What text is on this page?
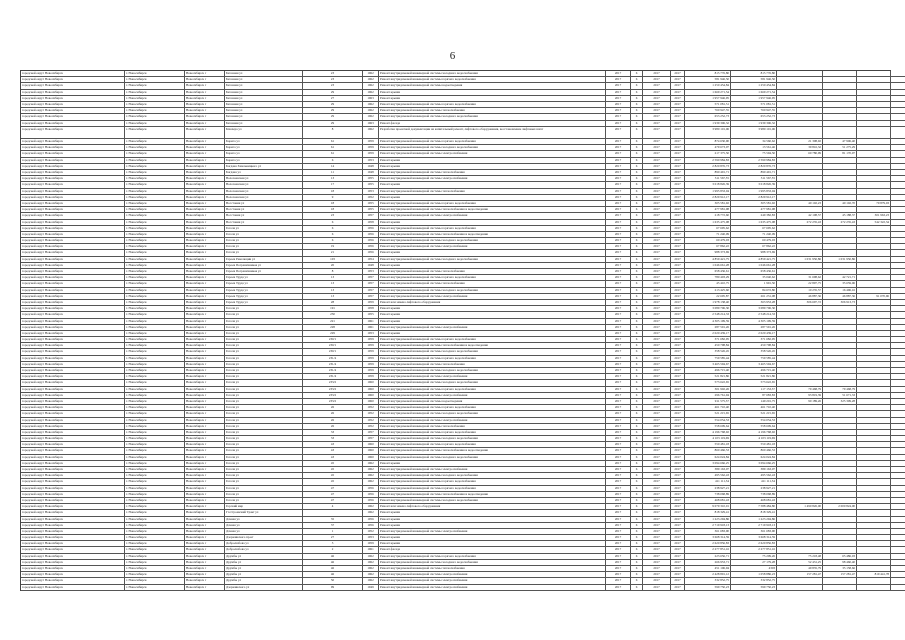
6
городской округ Новосибирск	г. Новосибирск	Новосибирск г	Бетонная ул	23	1962	Ремонт внутридомовой инженерной системы холодного водоснабжения	2017	6	2017	2017	815 776,80	815 776,80
городской округ Новосибирск	г. Новосибирск	Новосибирск г	Бетонная ул	23	1962	Ремонт внутридомовой инженерной системы горячего водоснабжения	2017	6	2017	2017	581 946,50	581 946,50
городской округ Новосибирск	г. Новосибирск	Новосибирск г	Бетонная ул	23	1962	Ремонт внутридомовой инженерной системы водоотведения	2017	6	2017	2017	1 250 454,84	1 250 454,84
городской округ Новосибирск	г. Новосибирск	Новосибирск г	Бетонная ул	29	1962	Ремонт крыши	2017	6	2017	2017	1 669 271,54	1 669 271,54
городской округ Новосибирск	г. Новосибирск	Новосибирск г	Бетонная ул	27	1963	Ремонт крыши	2017	6	2017	2017	1 957 946,95	1 957 946,95
городской округ Новосибирск	г. Новосибирск	Новосибирск г	Бетонная ул	29	1962	Ремонт внутридомовой инженерной системы горячего водоснабжения	2017	6	2017	2017	571 081,51	571 081,51
городской округ Новосибирск	г. Новосибирск	Новосибирск г	Бетонная ул	29	1962	Ремонт внутридомовой инженерной системы теплоснабжения	2017	6	2017	2017	760 947,55	760 947,55
городской округ Новосибирск	г. Новосибирск	Новосибирск г	Бетонная ул	29	1962	Ремонт внутридомовой инженерной системы холодного водоснабжения	2017	6	2017	2017	653 252,73	653 252,73
городской округ Новосибирск	г. Новосибирск	Новосибирск г	Бетонная ул	29	1963	Ремонт фасада	2017	6	2017	2017	1 939 306,32	1 939 306,32
городской округ Новосибирск	г. Новосибирск	Новосибирск г	Блюхера ул	8	1962	Разработка проектной документации на капитальный ремонт, лифтового оборудования, восстановление лифтовых шахт	2017	6	2017	2017	3 980 101,06	3 980 101,06
городской округ Новосибирск	г. Новосибирск	Новосибирск г	Бориса ул	61	1959	Ремонт внутридомовой инженерной системы горячего водоснабжения	2017	6	2017	2017	874 630,90	34 560,62	21 308,92	47 906,40
городской округ Новосибирск	г. Новосибирск	Новосибирск г	Бориса ул	61	1959	Ремонт внутридомовой инженерной системы холодного водоснабжения	2017	6	2017	2017	479 673,07	13 561,46	39 816,32	51 275,29
городской округ Новосибирск	г. Новосибирск	Новосибирск г	Бориса ул	61	1959	Ремонт внутридомовой инженерной системы электроснабжения	2017	6	2017	2017	217 375,50	75 594,50	60 780,99	81 170,07
городской округ Новосибирск	г. Новосибирск	Новосибирск г	Бориса ул	6	1953	Ремонт крыши	2017	6	2017	2017	2 590 984,83	2 590 984,83
городской округ Новосибирск	г. Новосибирск	Новосибирск г	Богдана Хмельницкого ул	14	1948	Ремонт крыши	2017	6	2017	2017	2 820 876,73	2 820 876,73
городской округ Новосибирск	г. Новосибирск	Новосибирск г	Богдана ул	11	1948	Ремонт внутридомовой инженерной системы теплоснабжения	2017	6	2017	2017	890 491,71	890 491,71
городской округ Новосибирск	г. Новосибирск	Новосибирск г	Волочаевская ул	13	1955	Ремонт внутридомовой инженерной системы электроснабжения	2017	6	2017	2017	311 567,55	311 567,55
городской округ Новосибирск	г. Новосибирск	Новосибирск г	Волочаевская ул	17	1955	Ремонт крыши	2017	6	2017	2017	3 018 826,39	3 018 826,39
городской округ Новосибирск	г. Новосибирск	Новосибирск г	Волочаевская ул	18	1953	Ремонт внутридомовой инженерной системы теплоснабжения	2017	6	2017	2017	1 995 833,04	1 995 833,04
городской округ Новосибирск	г. Новосибирск	Новосибирск г	Волочаевская ул	9	1952	Ремонт крыши	2017	6	2017	2017	2 829 912,17	2 829 912,17
городской округ Новосибирск	г. Новосибирск	Новосибирск г	Восстания ул	18	1955	Ремонт внутридомовой инженерной системы горячего водоснабжения	2017	6	2017	2017	305 581,92	305 581,92	40 102,23	40 102,70	79 879,03
городской округ Новосибирск	г. Новосибирск	Новосибирск г	Восстания ул	18	1955	Ремонт внутридомовой инженерной системы теплоснабжения и водоотведения	2017	6	2017	2017	477 981,98	477 981,98
городской округ Новосибирск	г. Новосибирск	Новосибирск г	Восстания ул	23	1957	Ремонт внутридомовой инженерной системы электроснабжения	2017	6	2017	2017	218 772,60	249 382,83	42 108,57	45 188,37	301 963,23
городской округ Новосибирск	г. Новосибирск	Новосибирск г	Восстания ул	6	1958	Ремонт крыши	2017	6	2017	2017	1 635 475,08	1 635 475,08	272 235,43	272 235,43	542 322,34
городской округ Новосибирск	г. Новосибирск	Новосибирск г	Гоголя ул	6	1956	Ремонт внутридомовой инженерной системы горячего водоснабжения	2017	6	2017	2017	67 695,62	67 695,62
городской округ Новосибирск	г. Новосибирск	Новосибирск г	Гоголя ул	6	1956	Ремонт внутридомовой инженерной системы теплоснабжения и водоотведения	2017	6	2017	2017	71 240,09	71 240,09
городской округ Новосибирск	г. Новосибирск	Новосибирск г	Гоголя ул	6	1956	Ремонт внутридомовой инженерной системы холодного водоснабжения	2017	6	2017	2017	60 479,03	60 479,03
городской округ Новосибирск	г. Новосибирск	Новосибирск г	Гоголя ул	19	1956	Ремонт внутридомовой инженерной системы электроснабжения	2017	6	2017	2017	67 862,22	67 862,22
городской округ Новосибирск	г. Новосибирск	Новосибирск г	Гоголя ул	21	1956	Ремонт крыши	2017	6	2017	2017	988 373,69	988 373,69
городской округ Новосибирск	г. Новосибирск	Новосибирск г	Героев Революции ул	103	1954	Ремонт внутридомовой инженерной системы холодного водоснабжения	2017	6	2017	2017	4 859 421,75	4 859 421,75	1 031 950,86	1 031 950,86
городской округ Новосибирск	г. Новосибирск	Новосибирск г	Героев Пограничников ул	20	1948	Ремонт крыши	2017	6	2017	2017	1 046 661,28	1 046 661,28
городской округ Новосибирск	г. Новосибирск	Новосибирск г	Героев Пограничников ул	8	1953	Ремонт внутридомовой инженерной системы теплоснабжения	2017	6	2017	2017	658 436,61	658 436,61
городской округ Новосибирск	г. Новосибирск	Новосибирск г	Героев Труда ул	13	1957	Ремонт внутридомовой инженерной системы горячего водоснабжения	2017	6	2017	2017	780 403,29	35 040,62	31 698,62	42 721,71
городской округ Новосибирск	г. Новосибирск	Новосибирск г	Героев Труда ул	13	1957	Ремонт внутридомовой инженерной системы теплоснабжения	2017	6	2017	2017	45 410,75	1 991,50	22 897,75	35 659,06
городской округ Новосибирск	г. Новосибирск	Новосибирск г	Героев Труда ул	13	1957	Ремонт внутридомовой инженерной системы холодного водоснабжения	2017	6	2017	2017	213 425,60	84 672,80	10 235,57	16 496,16
городской округ Новосибирск	г. Новосибирск	Новосибирск г	Героев Труда ул	13	1957	Ремонт внутридомовой инженерной системы электроснабжения	2017	6	2017	2017	22 695,87	261 231,08	46 887,36	46 887,36	91 070,96
городской округ Новосибирск	г. Новосибирск	Новосибирск г	Героев Труда ул	28	1959	Ремонт или замена лифтового оборудования	2017	6	2017	2017	1 978 138,40	363 953,28	306 697,72	306 913,73
городской округ Новосибирск	г. Новосибирск	Новосибирск г	Гоголя ул	191	1958	Ремонт крыши	2017	6	2017	2017	3 089 706,30	3 089 706,30
городской округ Новосибирск	г. Новосибирск	Новосибирск г	Гоголя ул	230	1955	Ремонт крыши	2017	6	2017	2017	2 548 214,33	2 548 214,33
городской округ Новосибирск	г. Новосибирск	Новосибирск г	Гоголя ул	221	1961	Ремонт крыши	2017	6	2017	2017	4 305 199,59	4 305 199,59
городской округ Новосибирск	г. Новосибирск	Новосибирск г	Гоголя ул	228	1961	Ремонт внутридомовой инженерной системы электроснабжения	2017	6	2017	2017	287 591,26	287 591,26
городской округ Новосибирск	г. Новосибирск	Новосибирск г	Гоголя ул	229	1953	Ремонт крыши	2017	6	2017	2017	2 020 439,17	2 020 439,17
городской округ Новосибирск	г. Новосибирск	Новосибирск г	Гоголя ул	230/1	1959	Ремонт внутридомовой инженерной системы горячего водоснабжения	2017	6	2017	2017	371 682,95	371 682,95
городской округ Новосибирск	г. Новосибирск	Новосибирск г	Гоголя ул	230/1	1959	Ремонт внутридомовой инженерной системы теплоснабжения и водоотведения	2017	6	2017	2017	450 798,84	450 798,84
городской округ Новосибирск	г. Новосибирск	Новосибирск г	Гоголя ул	230/1	1959	Ремонт внутридомовой инженерной системы холодного водоснабжения	2017	6	2017	2017	358 526,45	358 526,45
городской округ Новосибирск	г. Новосибирск	Новосибирск г	Гоголя ул	231/4	1959	Ремонт внутридомовой инженерной системы горячего водоснабжения	2017	6	2017	2017	759 585,44	759 585,44
городской округ Новосибирск	г. Новосибирск	Новосибирск г	Гоголя ул	231/4	1959	Ремонт внутридомовой инженерной системы теплоснабжения	2017	6	2017	2017	3 465 594,67	3 465 594,67
городской округ Новосибирск	г. Новосибирск	Новосибирск г	Гоголя ул	231/4	1959	Ремонт внутридомовой инженерной системы холодного водоснабжения	2017	6	2017	2017	496 715,40	496 715,40
городской округ Новосибирск	г. Новосибирск	Новосибирск г	Гоголя ул	231/4	1959	Ремонт внутридомовой инженерной системы электроснабжения	2017	6	2017	2017	521 821,86	521 821,86
городской округ Новосибирск	г. Новосибирск	Новосибирск г	Гоголя ул	233/2	1960	Ремонт внутридомовой инженерной системы холодного водоснабжения	2017	6	2017	2017	573 622,65	573 622,65
городской округ Новосибирск	г. Новосибирск	Новосибирск г	Гоголя ул	233/2	1960	Ремонт внутридомовой инженерной системы горячего водоснабжения	2017	6	2017	2017	301 902,26	117 153,37	79 468,79	79 468,79
городской округ Новосибирск	г. Новосибирск	Новосибирск г	Гоголя ул	233/2	1960	Ремонт внутридомовой инженерной системы электроснабжения	2017	6	2017	2017	296 761,94	87 683,83	93 819,39	51 671,33
городской округ Новосибирск	г. Новосибирск	Новосибирск г	Гоголя ул	233/2	1960	Ремонт внутридомовой инженерной системы водоотведения	2017	6	2017	2017	911 575,37	149 201,75	90 189,26	325 309,28
городской округ Новосибирск	г. Новосибирск	Новосибирск г	Гоголя ул	26	1952	Ремонт внутридомовой инженерной системы горячего водоснабжения	2017	6	2017	2017	461 710,40	461 710,40
городской округ Новосибирск	г. Новосибирск	Новосибирск г	Гоголя ул	26	1952	Ремонт внутридомовой инженерной системы холодного водоснабжения	2017	6	2017	2017	521 215,65	521 215,65
городской округ Новосибирск	г. Новосибирск	Новосибирск г	Гоголя ул	26	1952	Ремонт внутридомовой инженерной системы электроснабжения	2017	6	2017	2017	554 054,53	554 054,53
городской округ Новосибирск	г. Новосибирск	Новосибирск г	Гоголя ул	26	1952	Ремонт внутридомовой инженерной системы теплоснабжения	2017	6	2017	2017	558 609,64	558 609,64
городской округ Новосибирск	г. Новосибирск	Новосибирск г	Гоголя ул	33	1957	Ремонт внутридомовой инженерной системы горячего водоснабжения	2017	6	2017	2017	4 196 768,92	4 196 768,92
городской округ Новосибирск	г. Новосибирск	Новосибирск г	Гоголя ул	33	1957	Ремонт внутридомовой инженерной системы холодного водоснабжения	2017	6	2017	2017	4 103 119,69	4 103 119,69
городской округ Новосибирск	г. Новосибирск	Новосибирск г	Гоголя ул	43	1960	Ремонт внутридомовой инженерной системы горячего водоснабжения	2017	6	2017	2017	550 481,18	550 481,18
городской округ Новосибирск	г. Новосибирск	Новосибирск г	Гоголя ул	43	1960	Ремонт внутридомовой инженерной системы теплоснабжения и водоотведения	2017	6	2017	2017	860 466,53	860 466,53
городской округ Новосибирск	г. Новосибирск	Новосибирск г	Гоголя ул	43	1960	Ремонт внутридомовой инженерной системы холодного водоснабжения	2017	6	2017	2017	624 024,84	624 024,84
городской округ Новосибирск	г. Новосибирск	Новосибирск г	Гоголя ул	45	1962	Ремонт крыши	2017	6	2017	2017	3 094 666,25	3 094 666,25
городской округ Новосибирск	г. Новосибирск	Новосибирск г	Гоголя ул	45	1962	Ремонт внутридомовой инженерной системы электроснабжения	2017	6	2017	2017	389 163,07	389 163,07
городской округ Новосибирск	г. Новосибирск	Новосибирск г	Гоголя ул	45	1962	Ремонт внутридомовой инженерной системы холодного водоснабжения	2017	6	2017	2017	495 562,43	495 562,43
городской округ Новосибирск	г. Новосибирск	Новосибирск г	Гоголя ул	45	1962	Ремонт внутридомовой инженерной системы горячего водоснабжения	2017	6	2017	2017	411 111,34	411 111,34
городской округ Новосибирск	г. Новосибирск	Новосибирск г	Гоголя ул	47	1956	Ремонт внутридомовой инженерной системы горячего водоснабжения	2017	6	2017	2017	238 927,21	238 927,21
городской округ Новосибирск	г. Новосибирск	Новосибирск г	Гоголя ул	47	1956	Ремонт внутридомовой инженерной системы теплоснабжения и водоотведения	2017	6	2017	2017	738 068,89	738 068,89
городской округ Новосибирск	г. Новосибирск	Новосибирск г	Гоголя ул	47	1956	Ремонт внутридомовой инженерной системы холодного водоснабжения	2017	6	2017	2017	468 681,43	468 681,43
городской округ Новосибирск	г. Новосибирск	Новосибирск г	Горский мкр	4	1962	Ремонт или замена лифтового оборудования	2017	6	2017	2017	9 079 310,01	7 588 484,80	1 490 826,00	2 000 824,00
городской округ Новосибирск	г. Новосибирск	Новосибирск г	Гэсстроевский Тракт ул	1962	Ремонт крыши	2017	6	2017	2017	818 329,41	818 329,41
городской округ Новосибирск	г. Новосибирск	Новосибирск г	Дачная ул	35	1956	Ремонт крыши	2017	6	2017	2017	1 223 294,86	1 223 294,86
городской округ Новосибирск	г. Новосибирск	Новосибирск г	Дачная ул	37	1956	Ремонт крыши	2017	6	2017	2017	2 719 918,13	2 719 918,13
городской округ Новосибирск	г. Новосибирск	Новосибирск г	Дачная ул	1	1952	Ремонт внутридомовой инженерной системы электроснабжения	2017	6	2017	2017	361 683,90	361 683,90
городской округ Новосибирск	г. Новосибирск	Новосибирск г	Дзержинского пр-кт	27	1953	Ремонт крыши	2017	6	2017	2017	3 668 314,59	3 668 314,59
городской округ Новосибирск	г. Новосибирск	Новосибирск г	Добролюбова ул	3	1959	Ремонт крыши	2017	6	2017	2017	2 620 856,83	2 620 856,83
городской округ Новосибирск	г. Новосибирск	Новосибирск г	Добролюбова ул	2	1961	Ремонт фасада	2017	6	2017	2017	2 277 851,16	2 277 851,16
городской округ Новосибирск	г. Новосибирск	Новосибирск г	Дружбы ул	46	1962	Ремонт внутридомовой инженерной системы горячего водоснабжения	2017	6	2017	2017	223 656,71	75 209,26	75 218,48	65 486,03
городской округ Новосибирск	г. Новосибирск	Новосибирск г	Дружбы ул	46	1962	Ремонт внутридомовой инженерной системы холодного водоснабжения	2017	6	2017	2017	266 953,71	27 179,28	52 431,25	98 460,40
городской округ Новосибирск	г. Новосибирск	Новосибирск г	Дружбы ул	46	1962	Ремонт внутридомовой инженерной системы теплоснабжения	2017	6	2017	2017	451 106,94	4303	49 835,79	35 158,66
городской округ Новосибирск	г. Новосибирск	Новосибирск г	Дружбы ул	46	1962	Ремонт внутридомовой инженерной системы электроснабжения	2017	6	2017	2017	2 428 891,12	1 058 886,23	157 281,47	157 281,47	819 441,78
городской округ Новосибирск	г. Новосибирск	Новосибирск г	Дружбы ул	50	1962	Ремонт внутридомовой инженерной системы электроснабжения	2017	6	2017	2017	332 852,75	332 852,75
городской округ Новосибирск	г. Новосибирск	Новосибирск г	Дзержинского ул	99	1949	Ремонт внутридомовой инженерной системы электроснабжения	2017	6	2017	2017	599 750,23	599 750,23
